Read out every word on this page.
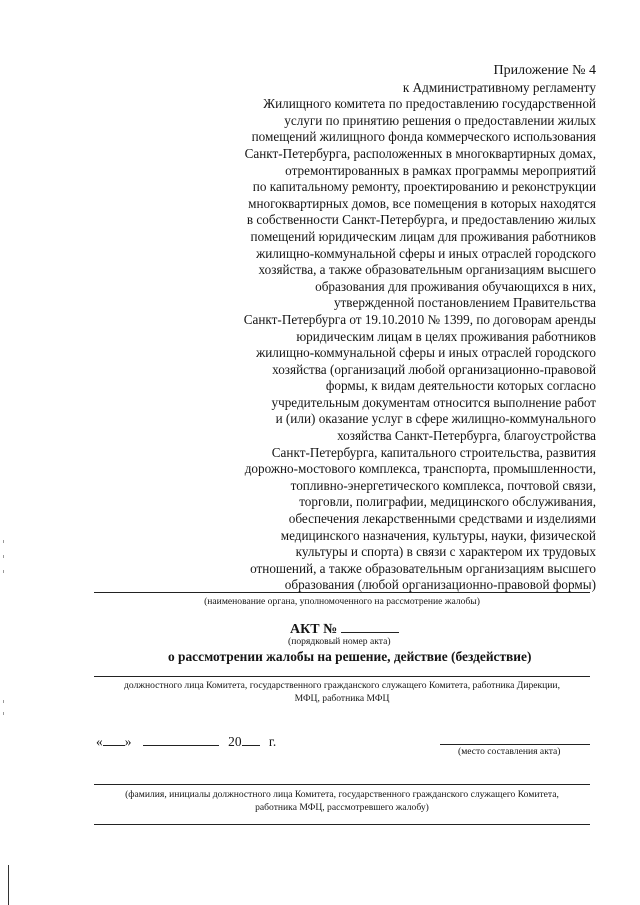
Приложение № 4
к Административному регламенту
Жилищного комитета по предоставлению государственной
услуги по принятию решения о предоставлении жилых
помещений жилищного фонда коммерческого использования
Санкт-Петербурга, расположенных в многоквартирных домах,
отремонтированных в рамках программы мероприятий
по капитальному ремонту, проектированию и реконструкции
многоквартирных домов, все помещения в которых находятся
в собственности Санкт-Петербурга, и предоставлению жилых
помещений юридическим лицам для проживания работников
жилищно-коммунальной сферы и иных отраслей городского
хозяйства, а также образовательным организациям высшего
образования для проживания обучающихся в них,
утвержденной постановлением Правительства
Санкт-Петербурга от 19.10.2010 № 1399, по договорам аренды
юридическим лицам в целях проживания работников
жилищно-коммунальной сферы и иных отраслей городского
хозяйства (организаций любой организационно-правовой
формы, к видам деятельности которых согласно
учредительным документам относится выполнение работ
и (или) оказание услуг в сфере жилищно-коммунального
хозяйства Санкт-Петербурга, благоустройства
Санкт-Петербурга, капитального строительства, развития
дорожно-мостового комплекса, транспорта, промышленности,
топливно-энергетического комплекса, почтовой связи,
торговли, полиграфии, медицинского обслуживания,
обеспечения лекарственными средствами и изделиями
медицинского назначения, культуры, науки, физической
культуры и спорта) в связи с характером их трудовых
отношений, а также образовательным организациям высшего
образования (любой организационно-правовой формы)
(наименование органа, уполномоченного на рассмотрение жалобы)
АКТ №
(порядковый номер акта)
о рассмотрении жалобы на решение, действие (бездействие)
должностного лица Комитета, государственного гражданского служащего Комитета, работника Дирекции,
МФЦ, работника МФЦ
« »	20 г.
(место составления акта)
(фамилия, инициалы должностного лица Комитета, государственного гражданского служащего Комитета,
работника МФЦ, рассмотревшего жалобу)
